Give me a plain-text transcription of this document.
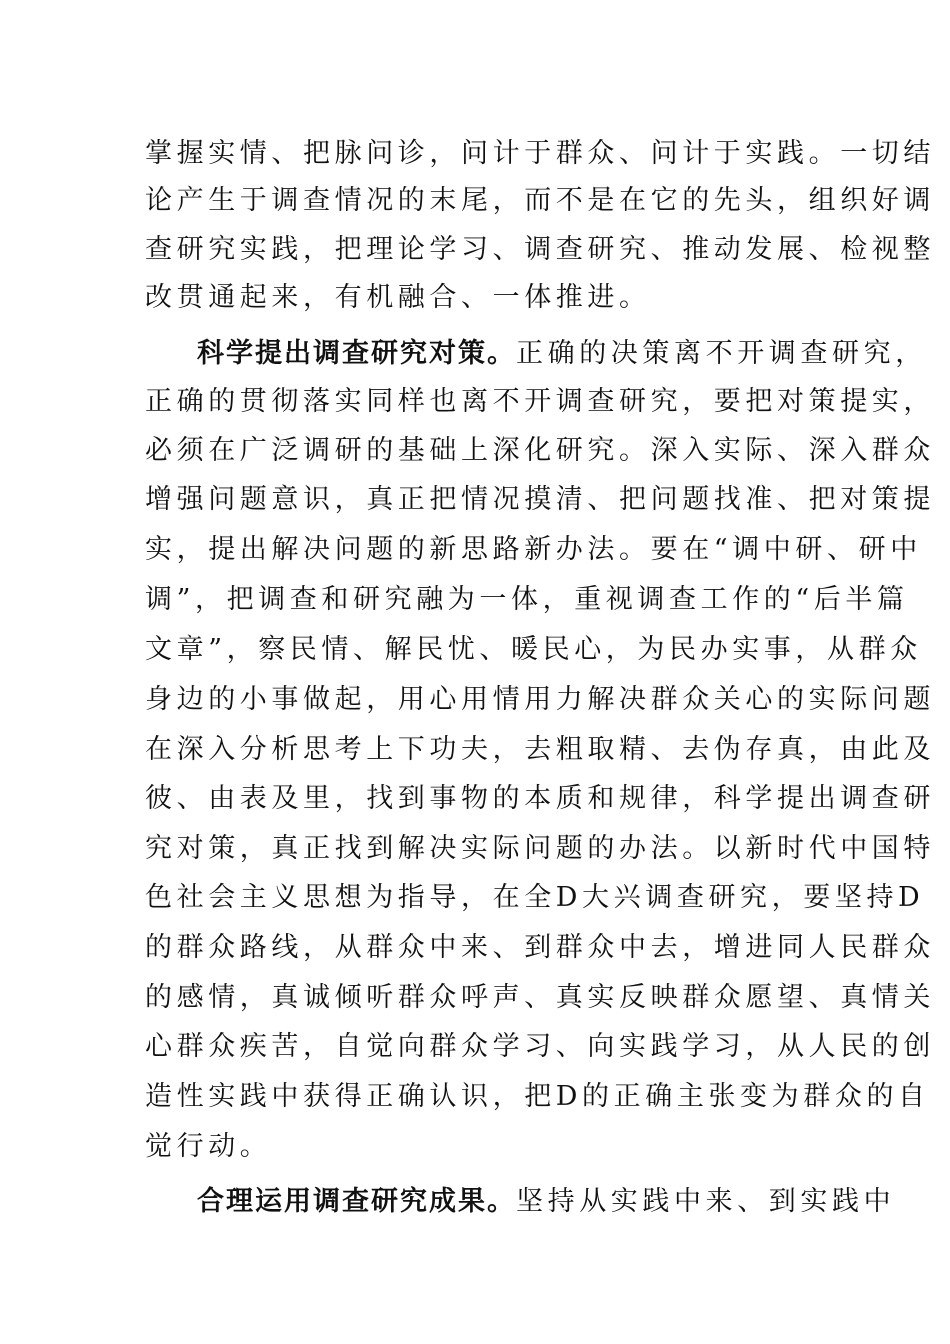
掌握实情、把脉问诊，问计于群众、问计于实践。一切结
论产生于调查情况的末尾，而不是在它的先头，组织好调
查研究实践，把理论学习、调查研究、推动发展、检视整
改贯通起来，有机融合、一体推进。
科学提出调查研究对策。正确的决策离不开调查研究，
正确的贯彻落实同样也离不开调查研究，要把对策提实，
必须在广泛调研的基础上深化研究。深入实际、深入群众
增强问题意识，真正把情况摸清、把问题找准、把对策提
实，提出解决问题的新思路新办法。要在“调中研、研中
调”，把调查和研究融为一体，重视调查工作的“后半篇
文章”，察民情、解民忧、暖民心，为民办实事，从群众
身边的小事做起，用心用情用力解决群众关心的实际问题
在深入分析思考上下功夫，去粗取精、去伪存真，由此及
彼、由表及里，找到事物的本质和规律，科学提出调查研
究对策，真正找到解决实际问题的办法。以新时代中国特
色社会主义思想为指导，在全D大兴调查研究，要坚持D
的群众路线，从群众中来、到群众中去，增进同人民群众
的感情，真诚倾听群众呼声、真实反映群众愿望、真情关
心群众疾苦，自觉向群众学习、向实践学习，从人民的创
造性实践中获得正确认识，把D的正确主张变为群众的自
觉行动。
合理运用调查研究成果。坚持从实践中来、到实践中
